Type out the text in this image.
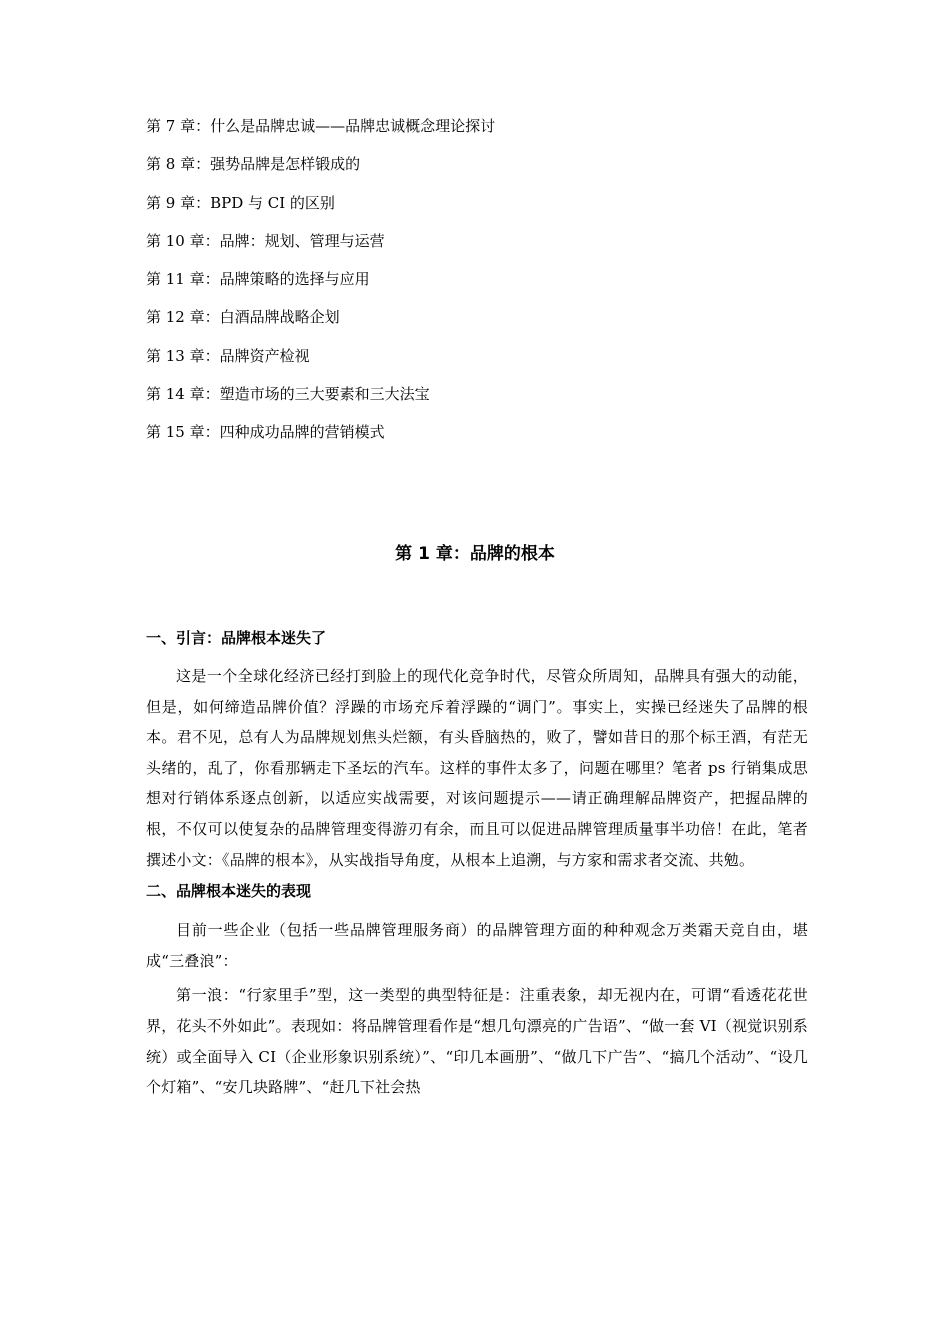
第 7 章：什么是品牌忠诚——品牌忠诚概念理论探讨
第 8 章：强势品牌是怎样锻成的
第 9 章：BPD 与 CI 的区别
第 10 章：品牌：规划、管理与运营
第 11 章：品牌策略的选择与应用
第 12 章：白酒品牌战略企划
第 13 章：品牌资产检视
第 14 章：塑造市场的三大要素和三大法宝
第 15 章：四种成功品牌的营销模式
第 1 章：品牌的根本
一、引言：品牌根本迷失了

这是一个全球化经济已经打到脸上的现代化竞争时代，尽管众所周知，品牌具有强大的动能，但是，如何缔造品牌价值？浮躁的市场充斥着浮躁的“调门”。事实上，实操已经迷失了品牌的根本。君不见，总有人为品牌规划焦头烂额，有头昏脑热的，败了，譬如昔日的那个标王酒，有茫无头绪的，乱了，你看那辆走下圣坛的汽车。这样的事件太多了，问题在哪里？笔者 ps 行销集成思想对行销体系逐点创新，以适应实战需要，对该问题提示——请正确理解品牌资产，把握品牌的根，不仅可以使复杂的品牌管理变得游刃有余，而且可以促进品牌管理质量事半功倍！在此，笔者撰述小文：《品牌的根本》，从实战指导角度，从根本上追溯，与方家和需求者交流、共勉。

二、品牌根本迷失的表现

目前一些企业（包括一些品牌管理服务商）的品牌管理方面的种种观念万类霜天竞自由，堪成“三叠浪”：

第一浪：“行家里手”型，这一类型的典型特征是：注重表象，却无视内在，可谓“看透花花世界，花头不外如此”。表现如：将品牌管理看作是“想几句漂亮的广告语”、“做一套 VI（视觉识别系统）或全面导入 CI（企业形象识别系统）”、“印几本画册”、“做几下广告”、“搞几个活动”、“设几个灯箱”、“安几块路牌”、“赶几下社会热
